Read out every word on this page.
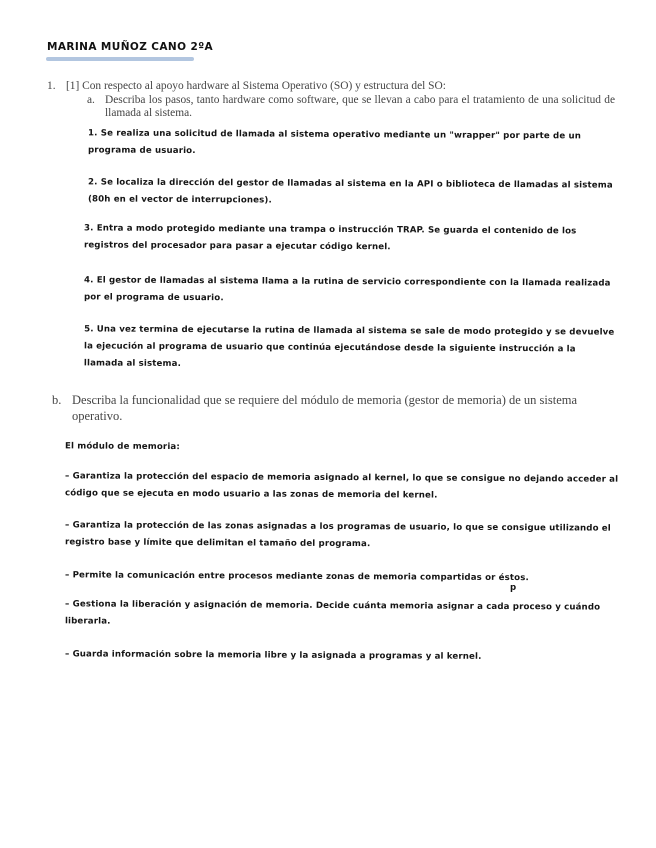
MARINA MUÑOZ CANO 2ºA
1. [1] Con respecto al apoyo hardware al Sistema Operativo (SO) y estructura del SO:
a. Describa los pasos, tanto hardware como software, que se llevan a cabo para el tratamiento de una solicitud de llamada al sistema.
1. Se realiza una solicitud de llamada al sistema operativo mediante un "wrapper" por parte de un programa de usuario.
2. Se localiza la dirección del gestor de llamadas al sistema en la API o biblioteca de llamadas al sistema (80h en el vector de interrupciones).
3. Entra a modo protegido mediante una trampa o instrucción TRAP. Se guarda el contenido de los registros del procesador para pasar a ejecutar código kernel.
4. El gestor de llamadas al sistema llama a la rutina de servicio correspondiente con la llamada realizada por el programa de usuario.
5. Una vez termina de ejecutarse la rutina de llamada al sistema se sale de modo protegido y se devuelve la ejecución al programa de usuario que continúa ejecutándose desde la siguiente instrucción a la llamada al sistema.
b. Describa la funcionalidad que se requiere del módulo de memoria (gestor de memoria) de un sistema operativo.
El módulo de memoria:
– Garantiza la protección del espacio de memoria asignado al kernel, lo que se consigue no dejando acceder al código que se ejecuta en modo usuario a las zonas de memoria del kernel.
– Garantiza la protección de las zonas asignadas a los programas de usuario, lo que se consigue utilizando el registro base y límite que delimitan el tamaño del programa.
– Permite la comunicación entre procesos mediante zonas de memoria compartidas or éstos.
p
– Gestiona la liberación y asignación de memoria. Decide cuánta memoria asignar a cada proceso y cuándo liberarla.
– Guarda información sobre la memoria libre y la asignada a programas y al kernel.
